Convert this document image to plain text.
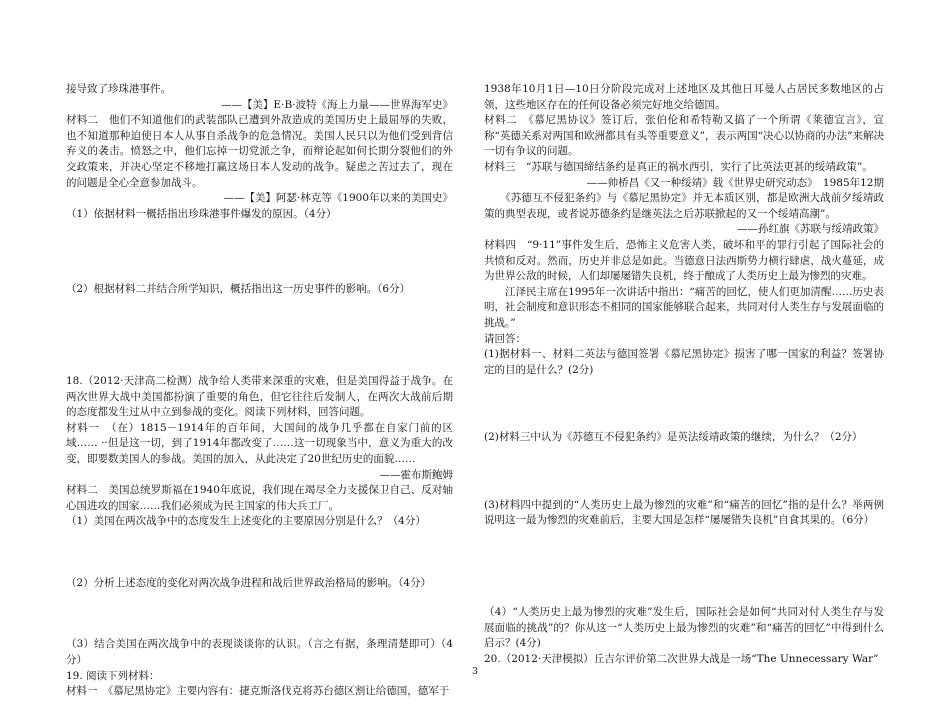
接导致了珍珠港事件。

——【美】E·B·波特《海上力量——世界海军史》

材料二　他们不知道他们的武装部队已遭到外敌造成的美国历史上最屈辱的失败，也不知道那种迫使日本人从事自杀战争的危急情况。美国人民只以为他们受到背信弃义的袭击。愤怒之中，他们忘掉一切党派之争，而辩论起如何长期分裂他们的外交政策来，并决心坚定不移地打赢这场日本人发动的战争。疑虑之苦过去了，现在的问题是全心全意参加战斗。

——【美】阿瑟·林克等《1900年以来的美国史》

（1）依据材料一概括指出珍珠港事件爆发的原因。（4分）

（2）根据材料二并结合所学知识，概括指出这一历史事件的影响。（6分）

18.（2012·天津高二检测）战争给人类带来深重的灾难，但是美国得益于战争。在两次世界大战中美国都扮演了重要的角色，但它往往后发制人，在两次大战前后期的态度都发生过从中立到参战的变化。阅读下列材料，回答问题。

材料一　（在）1815－1914年的百年间，大国间的战争几乎都在自家门前的区域…… ··但是这一切，到了1914年都改变了……这一切现象当中，意义为重大的改变，即要数美国人的参战。美国的加入，从此决定了20世纪历史的面貌……

——霍布斯鲍姆

材料二　美国总统罗斯福在1940年底说，我们现在竭尽全力支援保卫自己、反对轴心国进攻的国家……我们必须成为民主国家的伟大兵工厂。

（1）美国在两次战争中的态度发生上述变化的主要原因分别是什么？（4分）

（2）分析上述态度的变化对两次战争进程和战后世界政治格局的影响。（4分）

（3）结合美国在两次战争中的表现谈谈你的认识。（言之有据，条理清楚即可）（4分）

19. 阅读下列材料：

材料一　《慕尼黑协定》主要内容有：捷克斯洛伐克将苏台德区割让给德国，德军于

1938年10月1日—10日分阶段完成对上述地区及其他日耳曼人占居民多数地区的占领，这些地区存在的任何设备必须完好地交给德国。

材料二　《慕尼黑协议》签订后，张伯伦和希特勒又搞了一个所谓《莱德宣言》，宣称“英德关系对两国和欧洲都具有头等重要意义”，表示两国“决心以协商的办法”来解决一切有争议的问题。

材料三　“苏联与德国缔结条约是真正的祸水西引，实行了比英法更甚的绥靖政策”。

——帅桥昌《又一种绥靖》载《世界史研究动态》　1985年12期

　　《苏德互不侵犯条约》与《慕尼黑协定》并无本质区别，都是欧洲大战前夕绥靖政策的典型表现，或者说苏德条约是继英法之后苏联掀起的又一个绥靖高潮”。

——孙红旗《苏联与绥靖政策》

材料四　“9·11”事件发生后，恐怖主义危害人类，破坏和平的罪行引起了国际社会的共愤和反对。然而，历史并非总是如此。当德意日法西斯势力横行肆虐，战火蔓延，成为世界公敌的时候，人们却屡屡错失良机，终于酿成了人类历史上最为惨烈的灾难。

　　江泽民主席在1995年一次讲话中指出：“痛苦的回忆，使人们更加清醒……历史表明，社会制度和意识形态不相同的国家能够联合起来，共同对付人类生存与发展面临的挑战。”

请回答：

(1)据材料一、材料二英法与德国签署《慕尼黑协定》损害了哪一国家的利益？签署协定的目的是什么？(2分)

(2)材料三中认为《苏德互不侵犯条约》是英法绥靖政策的继续，为什么？（2分）

(3)材料四中提到的“人类历史上最为惨烈的灾难”和“痛苦的回忆”指的是什么？举两例说明这一最为惨烈的灾难前后，主要大国是怎样“屡屡错失良机”自食其果的。（6分）

（4）“人类历史上最为惨烈的灾难”发生后，国际社会是如何“共同对付人类生存与发展面临的挑战”的？你从这一“人类历史上最为惨烈的灾难”和“痛苦的回忆”中得到什么启示？(4分)

20.（2012·天津模拟）丘吉尔评价第二次世界大战是一场“The Unnecessary War”

3
